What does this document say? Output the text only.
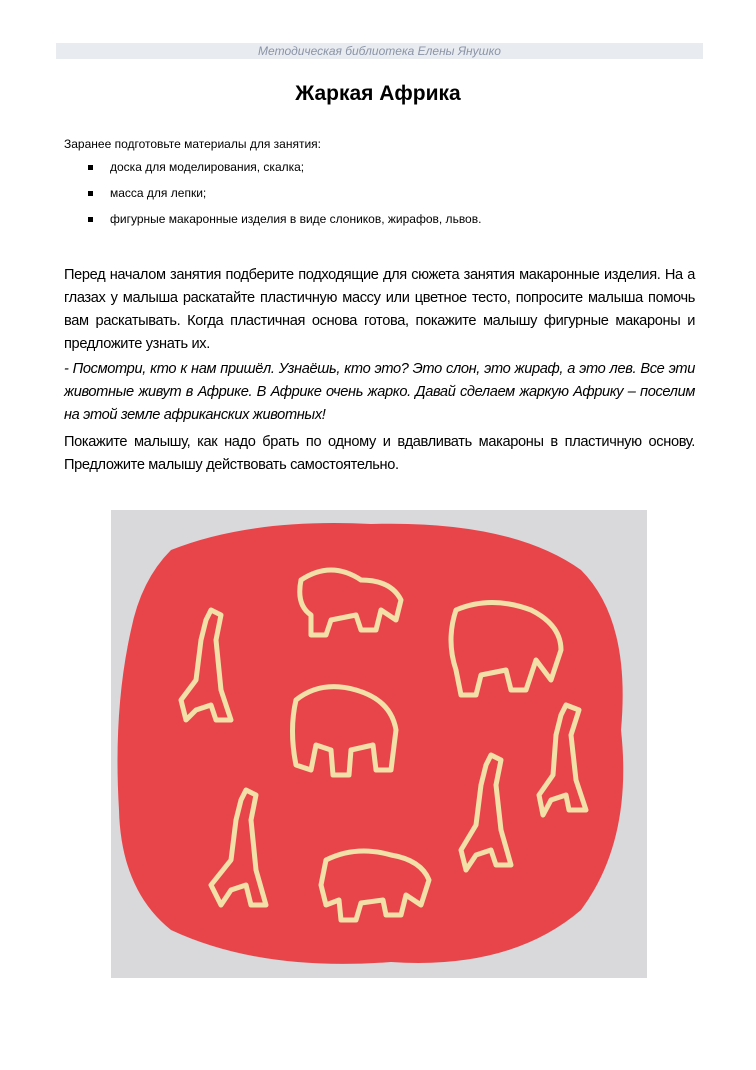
Методическая библиотека Елены Янушко
Жаркая Африка
Заранее подготовьте материалы для занятия:
доска для моделирования, скалка;
масса для лепки;
фигурные макаронные изделия в виде слоников, жирафов, львов.
Перед началом занятия подберите подходящие для сюжета занятия макаронные изделия. На а глазах у малыша раскатайте пластичную массу или цветное тесто, попросите малыша помочь вам раскатывать. Когда пластичная основа готова, покажите малышу фигурные макароны и предложите узнать их.
- Посмотри, кто к нам пришёл. Узнаёшь, кто это? Это слон, это жираф, а это лев. Все эти животные живут в Африке. В Африке очень жарко. Давай сделаем жаркую Африку – поселим на этой земле африканских животных!
Покажите малышу, как надо брать по одному и вдавливать макароны в пластичную основу. Предложите малышу действовать самостоятельно.
